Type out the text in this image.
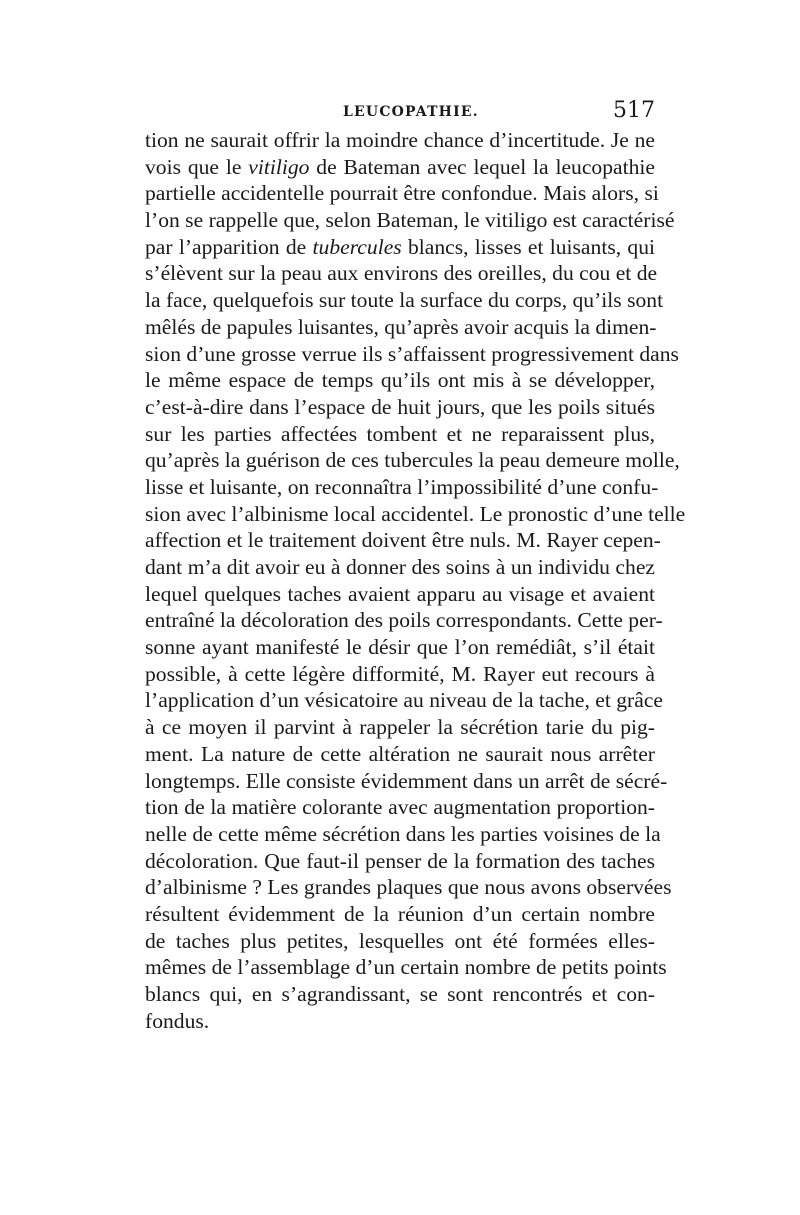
LEUCOPATHIE.	517
tion ne saurait offrir la moindre chance d’incertitude. Je ne
vois que le vitiligo de Bateman avec lequel la leucopathie
partielle accidentelle pourrait être confondue. Mais alors, si
l’on se rappelle que, selon Bateman, le vitiligo est caractérisé
par l’apparition de tubercules blancs, lisses et luisants, qui
s’élèvent sur la peau aux environs des oreilles, du cou et de
la face, quelquefois sur toute la surface du corps, qu’ils sont
mêlés de papules luisantes, qu’après avoir acquis la dimen-
sion d’une grosse verrue ils s’affaissent progressivement dans
le même espace de temps qu’ils ont mis à se développer,
c’est-à-dire dans l’espace de huit jours, que les poils situés
sur les parties affectées tombent et ne reparaissent plus,
qu’après la guérison de ces tubercules la peau demeure molle,
lisse et luisante, on reconnaîtra l’impossibilité d’une confu-
sion avec l’albinisme local accidentel. Le pronostic d’une telle
affection et le traitement doivent être nuls. M. Rayer cepen-
dant m’a dit avoir eu à donner des soins à un individu chez
lequel quelques taches avaient apparu au visage et avaient
entraîné la décoloration des poils correspondants. Cette per-
sonne ayant manifesté le désir que l’on remédiât, s’il était
possible, à cette légère difformité, M. Rayer eut recours à
l’application d’un vésicatoire au niveau de la tache, et grâce
à ce moyen il parvint à rappeler la sécrétion tarie du pig-
ment. La nature de cette altération ne saurait nous arrêter
longtemps. Elle consiste évidemment dans un arrêt de sécré-
tion de la matière colorante avec augmentation proportion-
nelle de cette même sécrétion dans les parties voisines de la
décoloration. Que faut-il penser de la formation des taches
d’albinisme ? Les grandes plaques que nous avons observées
résultent évidemment de la réunion d’un certain nombre
de taches plus petites, lesquelles ont été formées elles-
mêmes de l’assemblage d’un certain nombre de petits points
blancs qui, en s’agrandissant, se sont rencontrés et con-
fondus.
